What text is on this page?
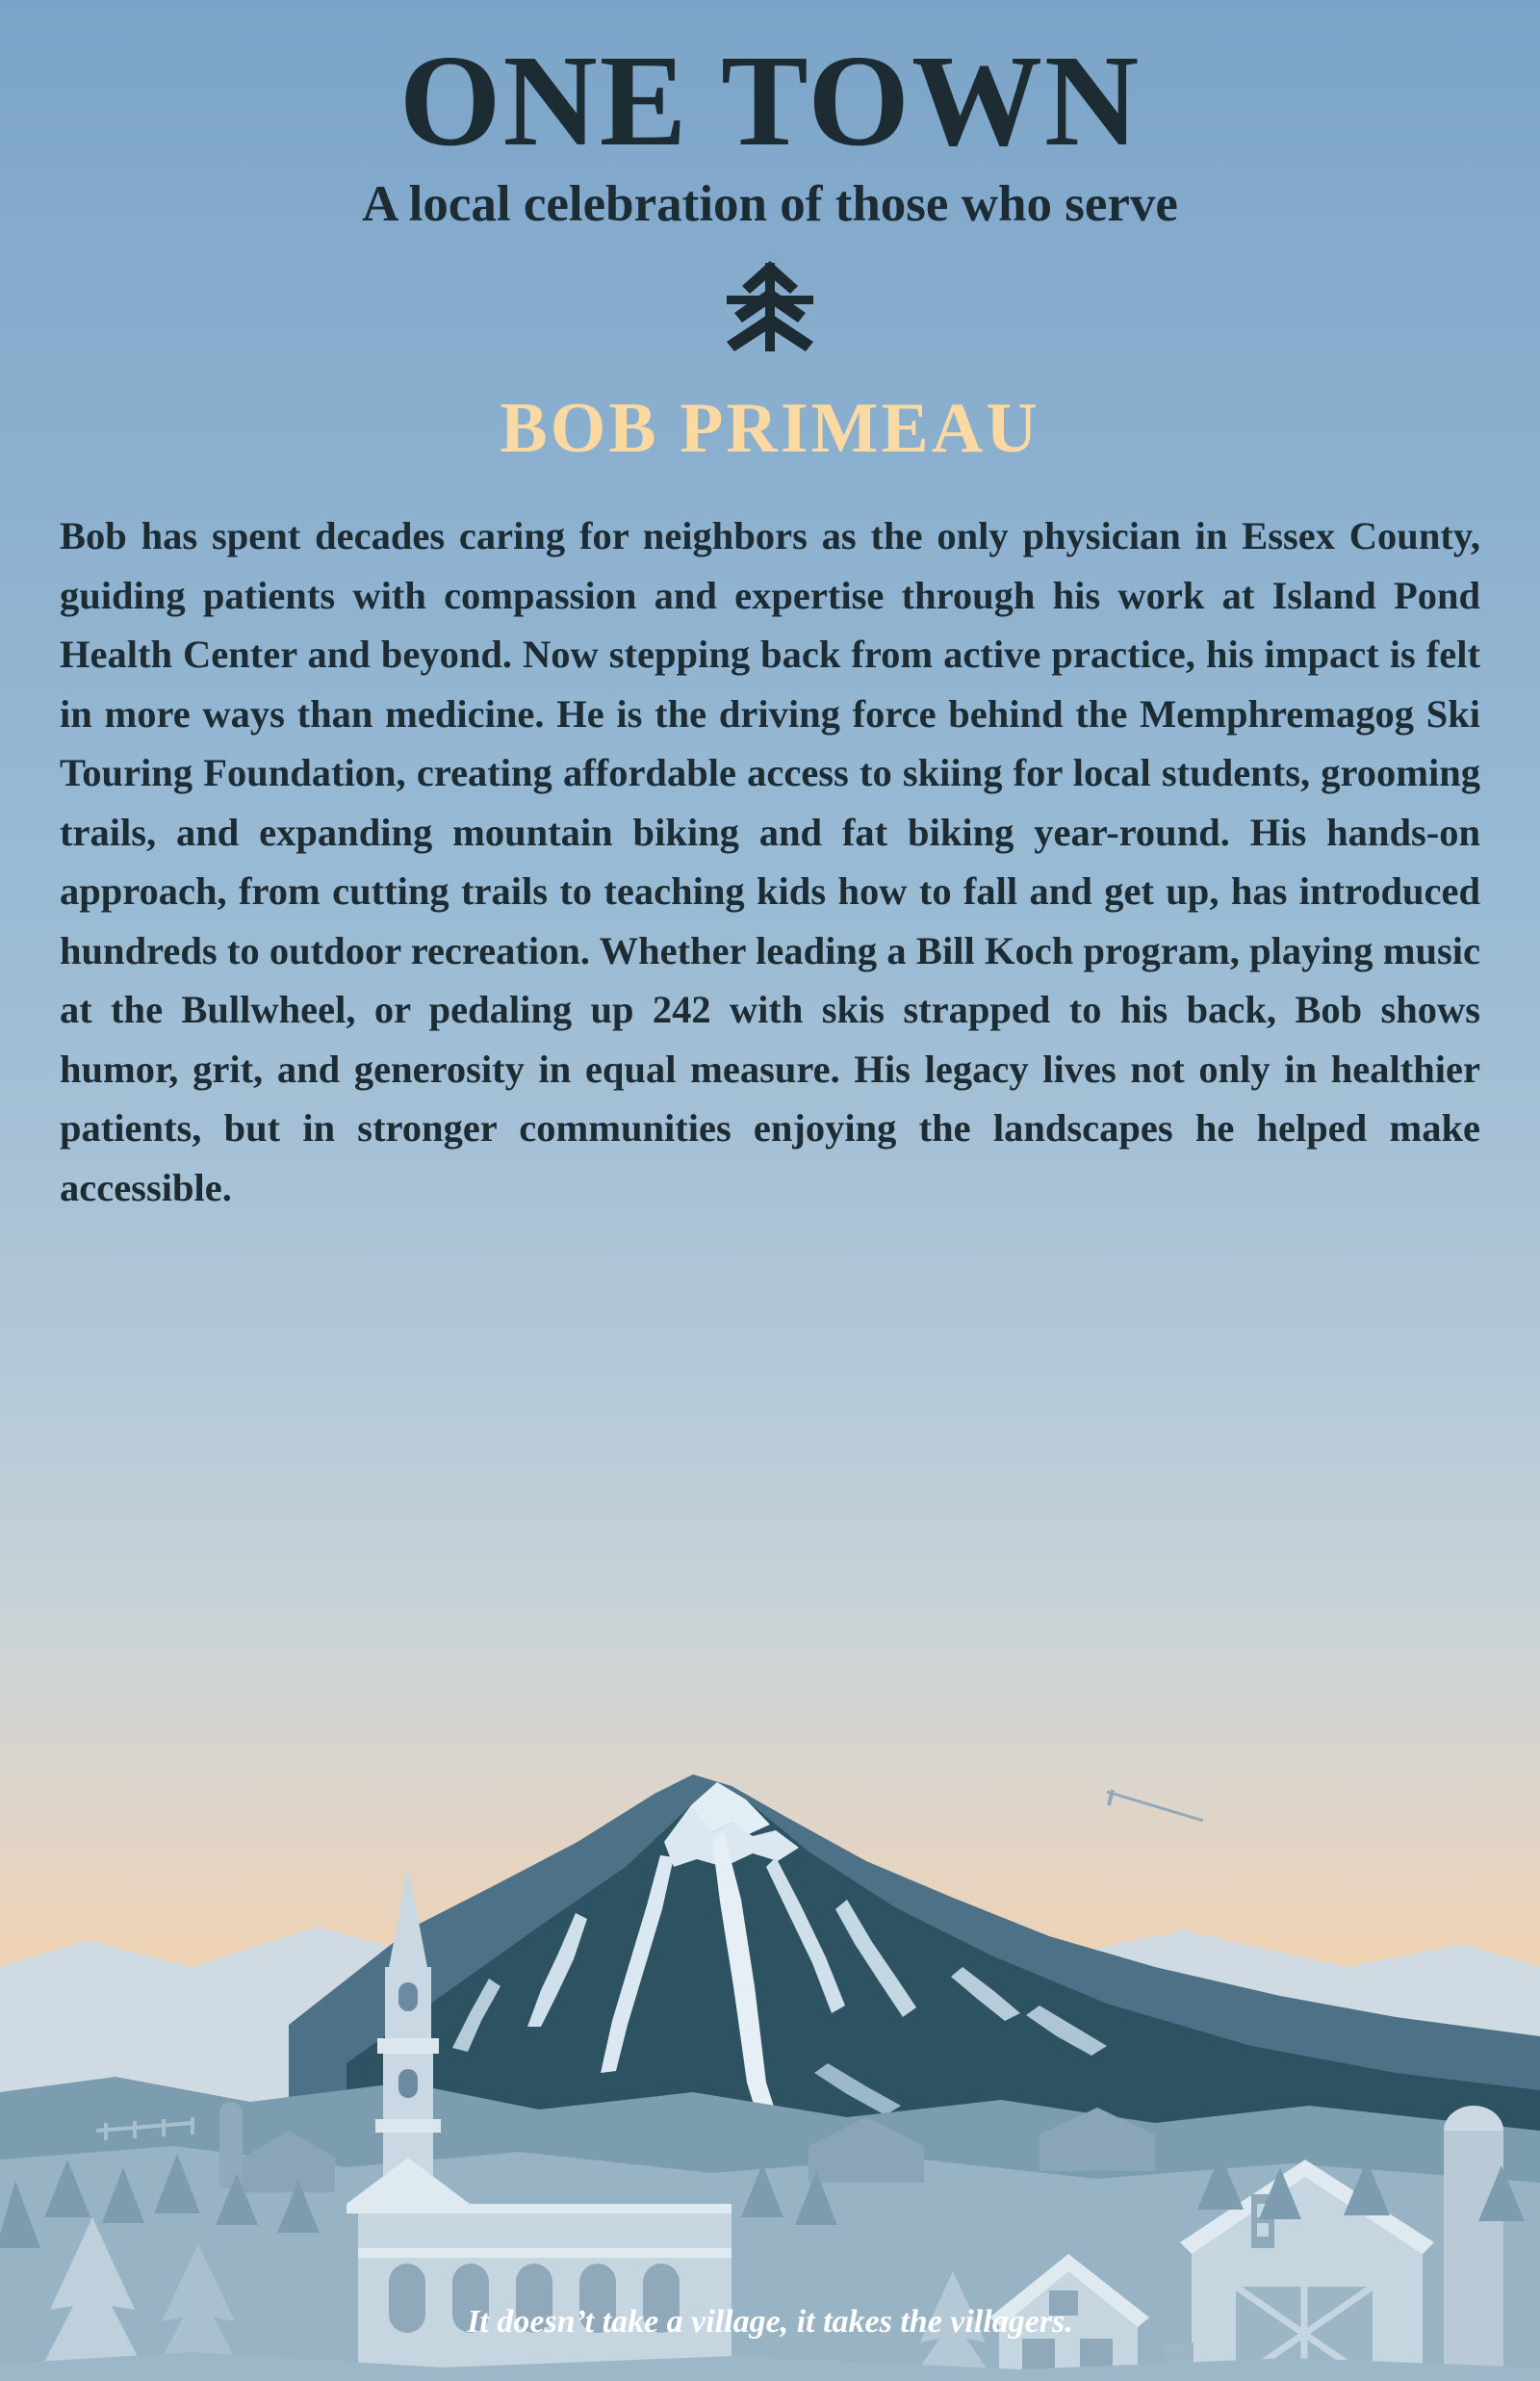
ONE TOWN
A local celebration of those who serve
BOB PRIMEAU

Bob has spent decades caring for neighbors as the only physician in Essex County, guiding patients with compassion and expertise through his work at Island Pond Health Center and beyond. Now stepping back from active practice, his impact is felt in more ways than medicine. He is the driving force behind the Memphremagog Ski Touring Foundation, creating affordable access to skiing for local students, grooming trails, and expanding mountain biking and fat biking year-round. His hands-on approach, from cutting trails to teaching kids how to fall and get up, has introduced hundreds to outdoor recreation. Whether leading a Bill Koch program, playing music at the Bullwheel, or pedaling up 242 with skis strapped to his back, Bob shows humor, grit, and generosity in equal measure. His legacy lives not only in healthier patients, but in stronger communities enjoying the landscapes he helped make accessible.

It doesn’t take a village, it takes the villagers.
